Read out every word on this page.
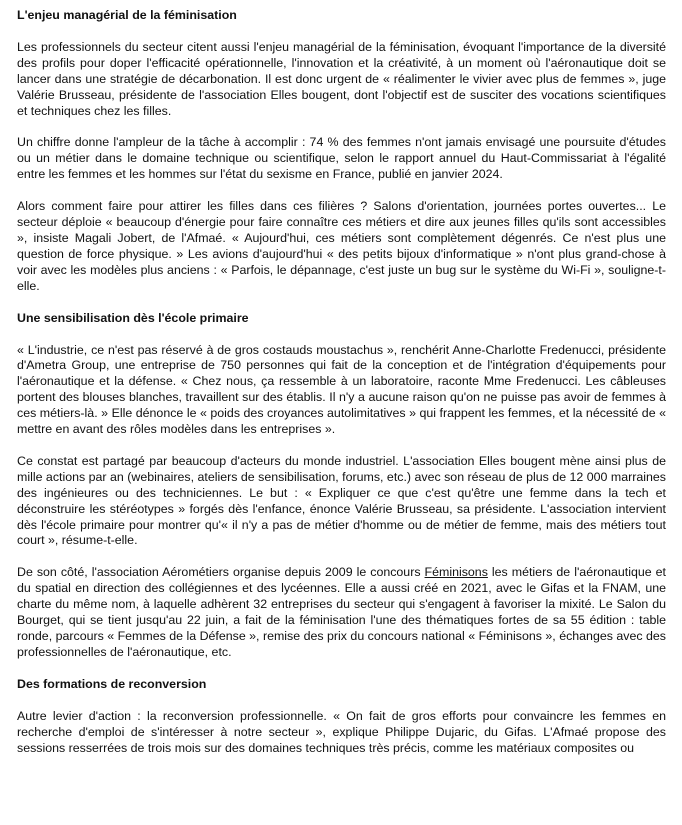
L'enjeu managérial de la féminisation

Les professionnels du secteur citent aussi l'enjeu managérial de la féminisation, évoquant l'importance de la diversité des profils pour doper l'efficacité opérationnelle, l'innovation et la créativité, à un moment où l'aéronautique doit se lancer dans une stratégie de décarbonation. Il est donc urgent de « réalimenter le vivier avec plus de femmes », juge Valérie Brusseau, présidente de l'association Elles bougent, dont l'objectif est de susciter des vocations scientifiques et techniques chez les filles.

Un chiffre donne l'ampleur de la tâche à accomplir : 74 % des femmes n'ont jamais envisagé une poursuite d'études ou un métier dans le domaine technique ou scientifique, selon le rapport annuel du Haut-Commissariat à l'égalité entre les femmes et les hommes sur l'état du sexisme en France, publié en janvier 2024.

Alors comment faire pour attirer les filles dans ces filières ? Salons d'orientation, journées portes ouvertes... Le secteur déploie « beaucoup d'énergie pour faire connaître ces métiers et dire aux jeunes filles qu'ils sont accessibles », insiste Magali Jobert, de l'Afmaé. « Aujourd'hui, ces métiers sont complètement dégenrés. Ce n'est plus une question de force physique. » Les avions d'aujourd'hui « des petits bijoux d'informatique » n'ont plus grand-chose à voir avec les modèles plus anciens : « Parfois, le dépannage, c'est juste un bug sur le système du Wi-Fi », souligne-t-elle.

Une sensibilisation dès l'école primaire

« L'industrie, ce n'est pas réservé à de gros costauds moustachus », renchérit Anne-Charlotte Fredenucci, présidente d'Ametra Group, une entreprise de 750 personnes qui fait de la conception et de l'intégration d'équipements pour l'aéronautique et la défense. « Chez nous, ça ressemble à un laboratoire, raconte Mme Fredenucci. Les câbleuses portent des blouses blanches, travaillent sur des établis. Il n'y a aucune raison qu'on ne puisse pas avoir de femmes à ces métiers-là. » Elle dénonce le « poids des croyances autolimitatives » qui frappent les femmes, et la nécessité de « mettre en avant des rôles modèles dans les entreprises ».

Ce constat est partagé par beaucoup d'acteurs du monde industriel. L'association Elles bougent mène ainsi plus de mille actions par an (webinaires, ateliers de sensibilisation, forums, etc.) avec son réseau de plus de 12 000 marraines des ingénieures ou des techniciennes. Le but : « Expliquer ce que c'est qu'être une femme dans la tech et déconstruire les stéréotypes » forgés dès l'enfance, énonce Valérie Brusseau, sa présidente. L'association intervient dès l'école primaire pour montrer qu'« il n'y a pas de métier d'homme ou de métier de femme, mais des métiers tout court », résume-t-elle.

De son côté, l'association Aérométiers organise depuis 2009 le concours Féminisons les métiers de l'aéronautique et du spatial en direction des collégiennes et des lycéennes. Elle a aussi créé en 2021, avec le Gifas et la FNAM, une charte du même nom, à laquelle adhèrent 32 entreprises du secteur qui s'engagent à favoriser la mixité. Le Salon du Bourget, qui se tient jusqu'au 22 juin, a fait de la féminisation l'une des thématiques fortes de sa 55 édition : table ronde, parcours « Femmes de la Défense », remise des prix du concours national « Féminisons », échanges avec des professionnelles de l'aéronautique, etc.

Des formations de reconversion

Autre levier d'action : la reconversion professionnelle. « On fait de gros efforts pour convaincre les femmes en recherche d'emploi de s'intéresser à notre secteur », explique Philippe Dujaric, du Gifas. L'Afmaé propose des sessions resserrées de trois mois sur des domaines techniques très précis, comme les matériaux composites ou
